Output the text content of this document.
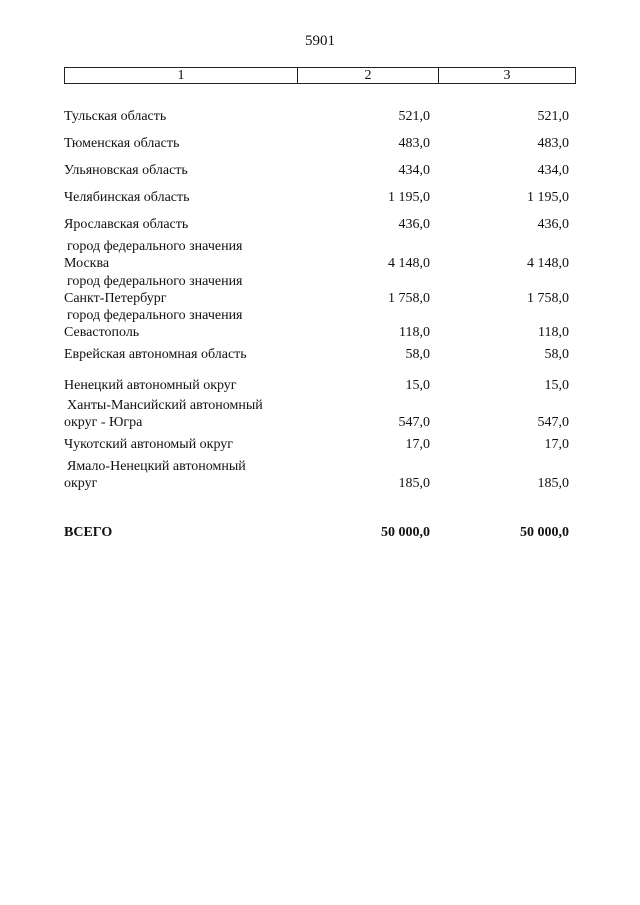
5901
1	2	3
Тульская область	521,0	521,0
Тюменская область	483,0	483,0
Ульяновская область	434,0	434,0
Челябинская область	1 195,0	1 195,0
Ярославская область	436,0	436,0
город федерального значения
Москва	4 148,0	4 148,0
город федерального значения
Санкт-Петербург	1 758,0	1 758,0
город федерального значения
Севастополь	118,0	118,0
Еврейская автономная область	58,0	58,0
Ненецкий автономный округ	15,0	15,0
Ханты-Мансийский автономный
округ - Югра	547,0	547,0
Чукотский автономый округ	17,0	17,0
Ямало-Ненецкий автономный
округ	185,0	185,0
ВСЕГО	50 000,0	50 000,0
